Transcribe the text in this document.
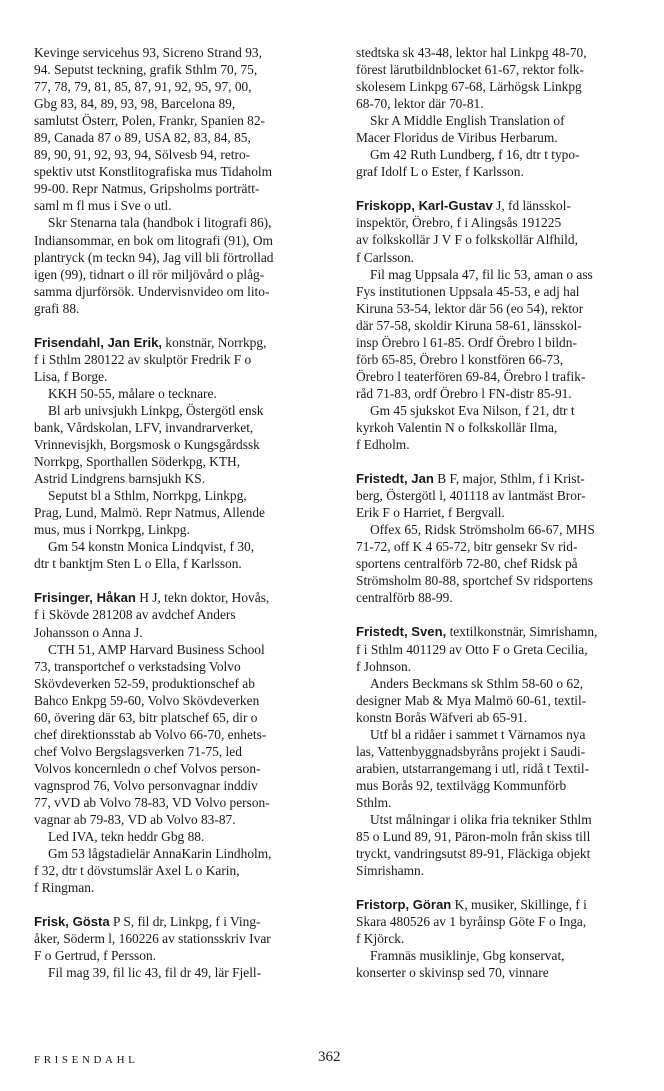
Kevinge servicehus 93, Sicreno Strand 93,
94. Seputst teckning, grafik Sthlm 70, 75,
77, 78, 79, 81, 85, 87, 91, 92, 95, 97, 00,
Gbg 83, 84, 89, 93, 98, Barcelona 89,
samlutst Österr, Polen, Frankr, Spanien 82-
89, Canada 87 o 89, USA 82, 83, 84, 85,
89, 90, 91, 92, 93, 94, Sölvesb 94, retro-
spektiv utst Konstlitografiska mus Tidaholm
99-00. Repr Natmus, Gripsholms porträtt-
saml m fl mus i Sve o utl.
Skr Stenarna tala (handbok i litografi 86),
Indiansommar, en bok om litografi (91), Om
plantryck (m teckn 94), Jag vill bli förtrollad
igen (99), tidnart o ill rör miljövård o plåg-
samma djurförsök. Undervisnvideo om lito-
grafi 88.
Frisendahl, Jan Erik, konstnär, Norrkpg,
f i Sthlm 280122 av skulptör Fredrik F o
Lisa, f Borge.
KKH 50-55, målare o tecknare.
Bl arb univsjukh Linkpg, Östergötl ensk
bank, Vårdskolan, LFV, invandrarverket,
Vrinnevisjkh, Borgsmosk o Kungsgårdssk
Norrkpg, Sporthallen Söderkpg, KTH,
Astrid Lindgrens barnsjukh KS.
Seputst bl a Sthlm, Norrkpg, Linkpg,
Prag, Lund, Malmö. Repr Natmus, Allende
mus, mus i Norrkpg, Linkpg.
Gm 54 konstn Monica Lindqvist, f 30,
dtr t banktjm Sten L o Ella, f Karlsson.
Frisinger, Håkan H J, tekn doktor, Hovås,
f i Skövde 281208 av avdchef Anders
Johansson o Anna J.
CTH 51, AMP Harvard Business School
73, transportchef o verkstadsing Volvo
Skövdeverken 52-59, produktionschef ab
Bahco Enkpg 59-60, Volvo Skövdeverken
60, övering där 63, bitr platschef 65, dir o
chef direktionsstab ab Volvo 66-70, enhets-
chef Volvo Bergslagsverken 71-75, led
Volvos koncernledn o chef Volvos person-
vagnsprod 76, Volvo personvagnar inddiv
77, vVD ab Volvo 78-83, VD Volvo person-
vagnar ab 79-83, VD ab Volvo 83-87.
Led IVA, tekn heddr Gbg 88.
Gm 53 lågstadielär AnnaKarin Lindholm,
f 32, dtr t dövstumslär Axel L o Karin,
f Ringman.
Frisk, Gösta P S, fil dr, Linkpg, f i Ving-
åker, Söderm l, 160226 av stationsskriv Ivar
F o Gertrud, f Persson.
Fil mag 39, fil lic 43, fil dr 49, lär Fjell-
stedtska sk 43-48, lektor hal Linkpg 48-70,
förest lärutbildnblocket 61-67, rektor folk-
skolesem Linkpg 67-68, Lärhögsk Linkpg
68-70, lektor där 70-81.
Skr A Middle English Translation of
Macer Floridus de Viribus Herbarum.
Gm 42 Ruth Lundberg, f 16, dtr t typo-
graf Idolf L o Ester, f Karlsson.
Friskopp, Karl-Gustav J, fd länsskol-
inspektör, Örebro, f i Alingsås 191225
av folkskollär J V F o folkskollär Alfhild,
f Carlsson.
Fil mag Uppsala 47, fil lic 53, aman o ass
Fys institutionen Uppsala 45-53, e adj hal
Kiruna 53-54, lektor där 56 (eo 54), rektor
där 57-58, skoldir Kiruna 58-61, länsskol-
insp Örebro l 61-85. Ordf Örebro l bildn-
förb 65-85, Örebro l konstfören 66-73,
Örebro l teaterfören 69-84, Örebro l trafik-
råd 71-83, ordf Örebro l FN-distr 85-91.
Gm 45 sjukskot Eva Nilson, f 21, dtr t
kyrkoh Valentin N o folkskollär Ilma,
f Edholm.
Fristedt, Jan B F, major, Sthlm, f i Krist-
berg, Östergötl l, 401118 av lantmäst Bror-
Erik F o Harriet, f Bergvall.
Offex 65, Ridsk Strömsholm 66-67, MHS
71-72, off K 4 65-72, bitr gensekr Sv rid-
sportens centralförb 72-80, chef Ridsk på
Strömsholm 80-88, sportchef Sv ridsportens
centralförb 88-99.
Fristedt, Sven, textilkonstnär, Simrishamn,
f i Sthlm 401129 av Otto F o Greta Cecilia,
f Johnson.
Anders Beckmans sk Sthlm 58-60 o 62,
designer Mab & Mya Malmö 60-61, textil-
konstn Borås Wäfveri ab 65-91.
Utf bl a ridåer i sammet t Värnamos nya
las, Vattenbyggnadsbyråns projekt i Saudi-
arabien, utstarrangemang i utl, ridå t Textil-
mus Borås 92, textilvägg Kommunförb
Sthlm.
Utst målningar i olika fria tekniker Sthlm
85 o Lund 89, 91, Päron-moln från skiss till
tryckt, vandringsutst 89-91, Fläckiga objekt
Simrishamn.
Fristorp, Göran K, musiker, Skillinge, f i
Skara 480526 av 1 byråinsp Göte F o Inga,
f Kjörck.
Framnäs musiklinje, Gbg konservat,
konserter o skivinsp sed 70, vinnare
FRISENDAHL	362
